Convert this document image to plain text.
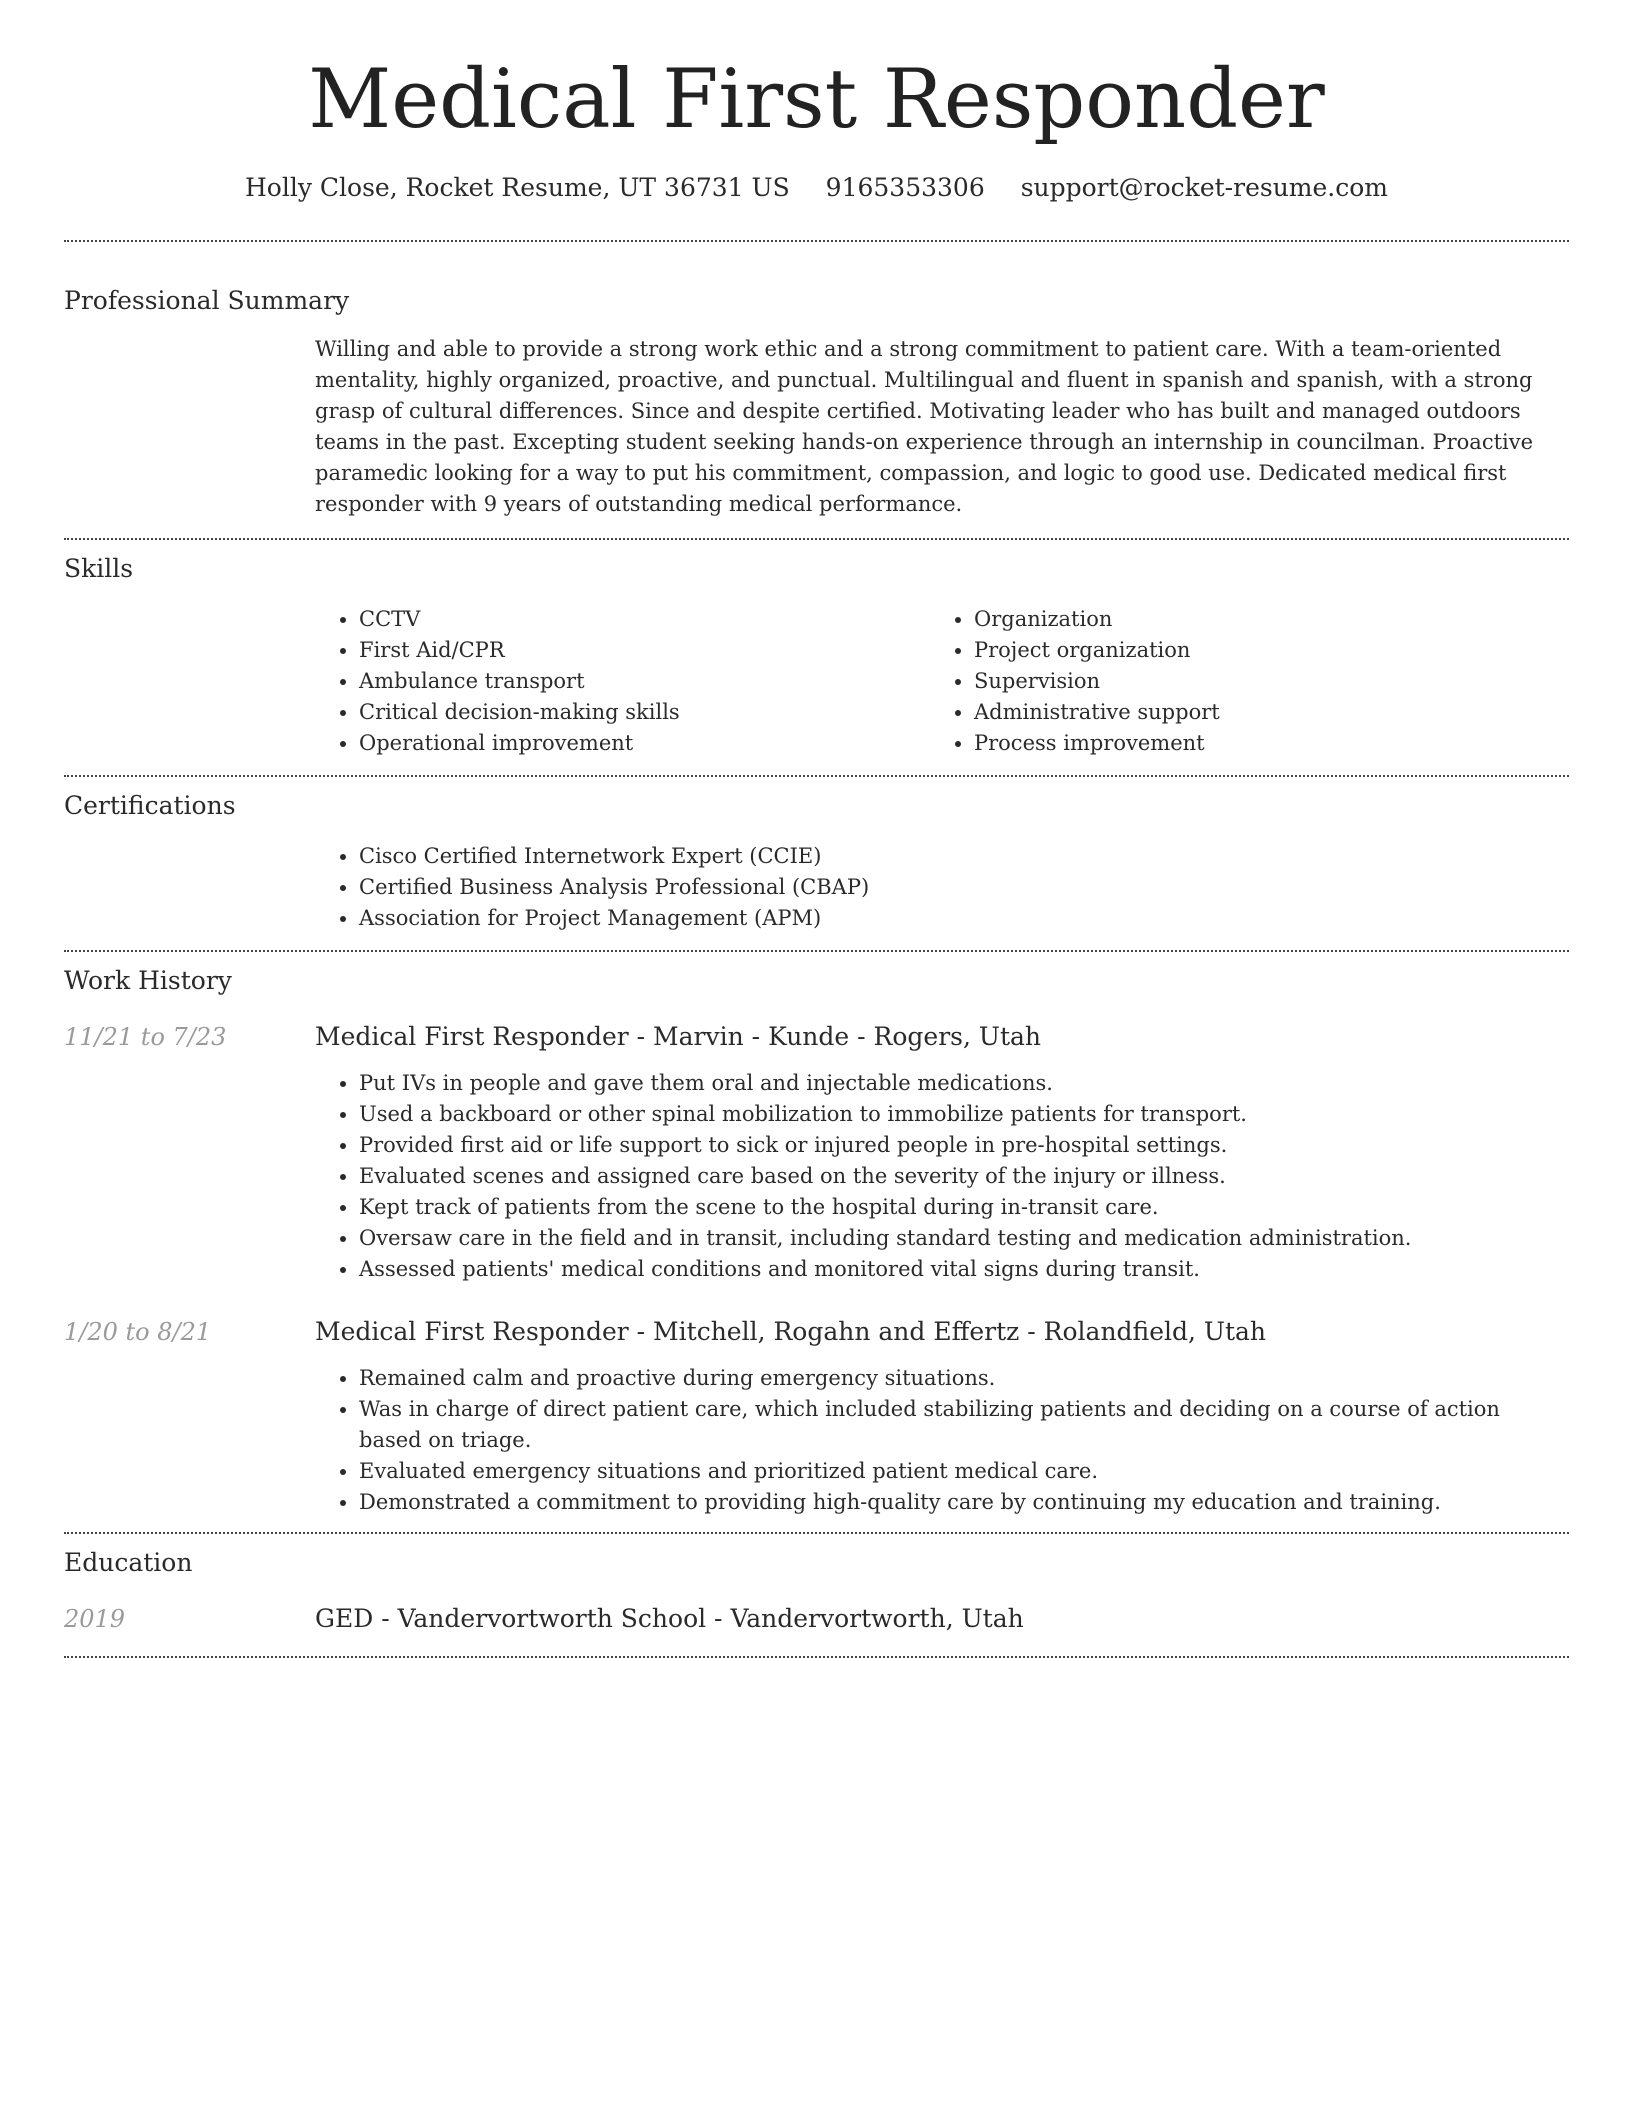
Medical First Responder
Holly Close, Rocket Resume, UT 36731 US 9165353306 support@rocket-resume.com
Professional Summary
Willing and able to provide a strong work ethic and a strong commitment to patient care. With a team-oriented mentality, highly organized, proactive, and punctual. Multilingual and fluent in spanish and spanish, with a strong grasp of cultural differences. Since and despite certified. Motivating leader who has built and managed outdoors teams in the past. Excepting student seeking hands-on experience through an internship in councilman. Proactive paramedic looking for a way to put his commitment, compassion, and logic to good use. Dedicated medical first responder with 9 years of outstanding medical performance.
Skills
• CCTV
• First Aid/CPR
• Ambulance transport
• Critical decision-making skills
• Operational improvement
• Organization
• Project organization
• Supervision
• Administrative support
• Process improvement
Certifications
• Cisco Certified Internetwork Expert (CCIE)
• Certified Business Analysis Professional (CBAP)
• Association for Project Management (APM)
Work History
11/21 to 7/23	Medical First Responder - Marvin - Kunde - Rogers, Utah
• Put IVs in people and gave them oral and injectable medications.
• Used a backboard or other spinal mobilization to immobilize patients for transport.
• Provided first aid or life support to sick or injured people in pre-hospital settings.
• Evaluated scenes and assigned care based on the severity of the injury or illness.
• Kept track of patients from the scene to the hospital during in-transit care.
• Oversaw care in the field and in transit, including standard testing and medication administration.
• Assessed patients' medical conditions and monitored vital signs during transit.
1/20 to 8/21	Medical First Responder - Mitchell, Rogahn and Effertz - Rolandfield, Utah
• Remained calm and proactive during emergency situations.
• Was in charge of direct patient care, which included stabilizing patients and deciding on a course of action based on triage.
• Evaluated emergency situations and prioritized patient medical care.
• Demonstrated a commitment to providing high-quality care by continuing my education and training.
Education
2019	GED - Vandervortworth School - Vandervortworth, Utah
